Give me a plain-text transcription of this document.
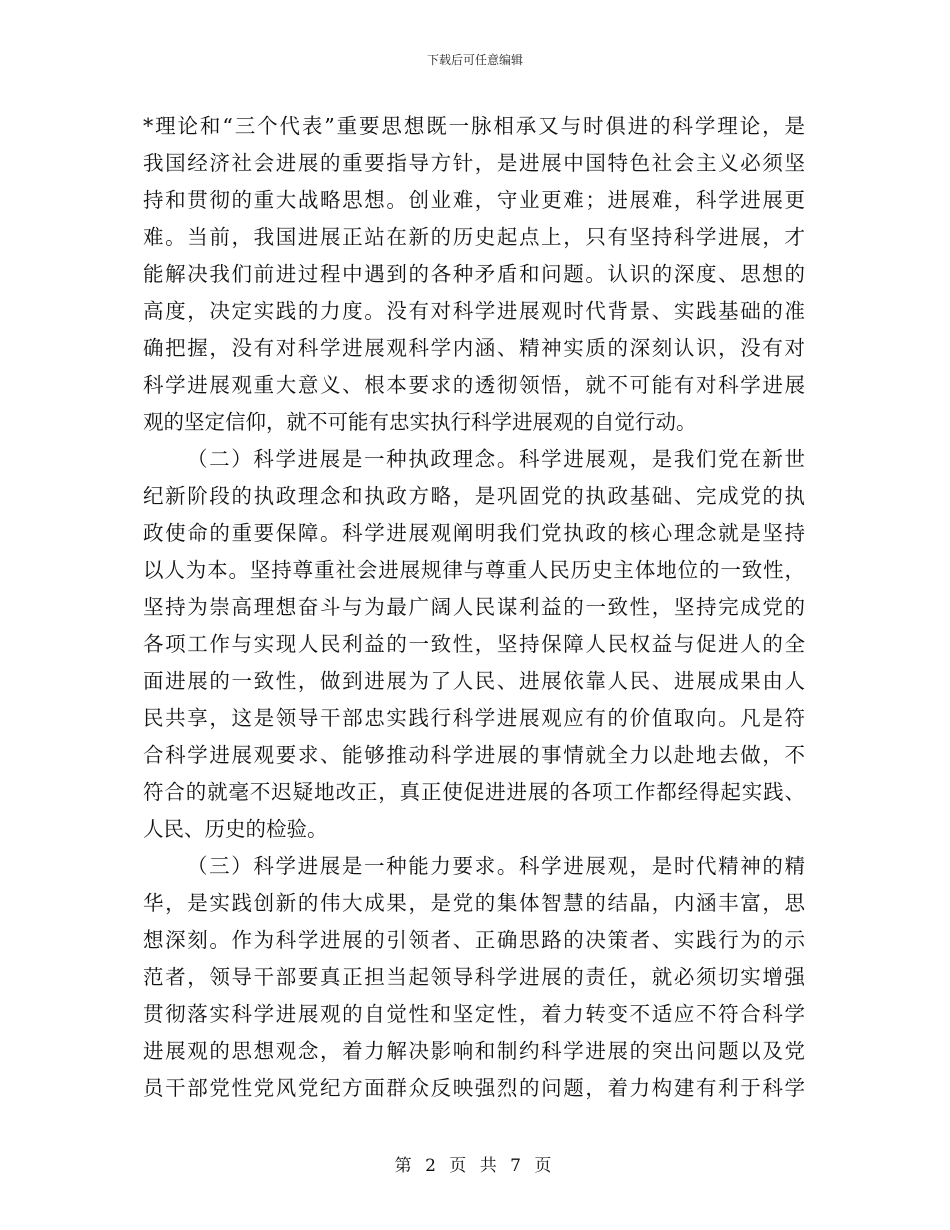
下载后可任意编辑
*理论和“三个代表”重要思想既一脉相承又与时俱进的科学理论，是
我国经济社会进展的重要指导方针，是进展中国特色社会主义必须坚
持和贯彻的重大战略思想。创业难，守业更难；进展难，科学进展更
难。当前，我国进展正站在新的历史起点上，只有坚持科学进展，才
能解决我们前进过程中遇到的各种矛盾和问题。认识的深度、思想的
高度，决定实践的力度。没有对科学进展观时代背景、实践基础的准
确把握，没有对科学进展观科学内涵、精神实质的深刻认识，没有对
科学进展观重大意义、根本要求的透彻领悟，就不可能有对科学进展
观的坚定信仰，就不可能有忠实执行科学进展观的自觉行动。
（二）科学进展是一种执政理念。科学进展观，是我们党在新世
纪新阶段的执政理念和执政方略，是巩固党的执政基础、完成党的执
政使命的重要保障。科学进展观阐明我们党执政的核心理念就是坚持
以人为本。坚持尊重社会进展规律与尊重人民历史主体地位的一致性，
坚持为崇高理想奋斗与为最广阔人民谋利益的一致性，坚持完成党的
各项工作与实现人民利益的一致性，坚持保障人民权益与促进人的全
面进展的一致性，做到进展为了人民、进展依靠人民、进展成果由人
民共享，这是领导干部忠实践行科学进展观应有的价值取向。凡是符
合科学进展观要求、能够推动科学进展的事情就全力以赴地去做，不
符合的就毫不迟疑地改正，真正使促进进展的各项工作都经得起实践、
人民、历史的检验。
（三）科学进展是一种能力要求。科学进展观，是时代精神的精
华，是实践创新的伟大成果，是党的集体智慧的结晶，内涵丰富，思
想深刻。作为科学进展的引领者、正确思路的决策者、实践行为的示
范者，领导干部要真正担当起领导科学进展的责任，就必须切实增强
贯彻落实科学进展观的自觉性和坚定性，着力转变不适应不符合科学
进展观的思想观念，着力解决影响和制约科学进展的突出问题以及党
员干部党性党风党纪方面群众反映强烈的问题，着力构建有利于科学
第 2 页 共 7 页
